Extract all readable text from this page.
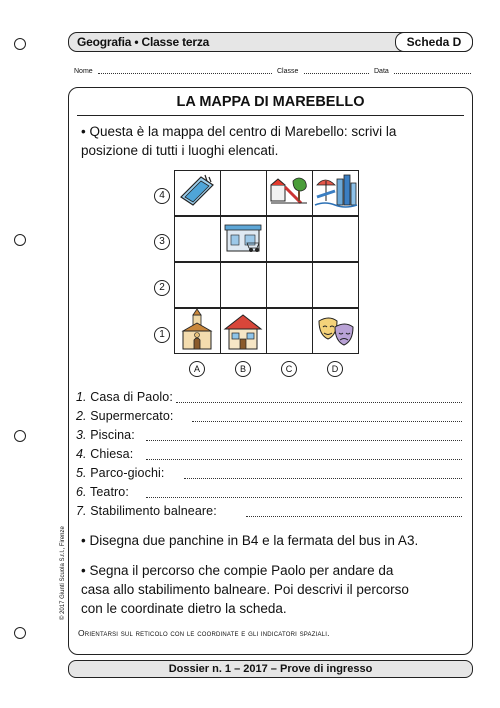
Geografia • Classe terza	Scheda D
Nome	Classe	Data
LA MAPPA DI MAREBELLO
• Questa è la mappa del centro di Marebello: scrivi la
posizione di tutti i luoghi elencati.
• Disegna due panchine in B4 e la fermata del bus in A3.
• Segna il percorso che compie Paolo per andare da
casa allo stabilimento balneare. Poi descrivi il percorso
con le coordinate dietro la scheda.
4
3
2
1
A	B	C	D
1. Casa di Paolo:
2. Supermercato:
3. Piscina:
4. Chiesa:
5. Parco-giochi:
6. Teatro:
7. Stabilimento balneare:
Orientarsi sul reticolo con le coordinate e gli indicatori spaziali.
Dossier n. 1 – 2017 – Prove di ingresso
© 2017 Giunti Scuola S.r.l., Firenze
